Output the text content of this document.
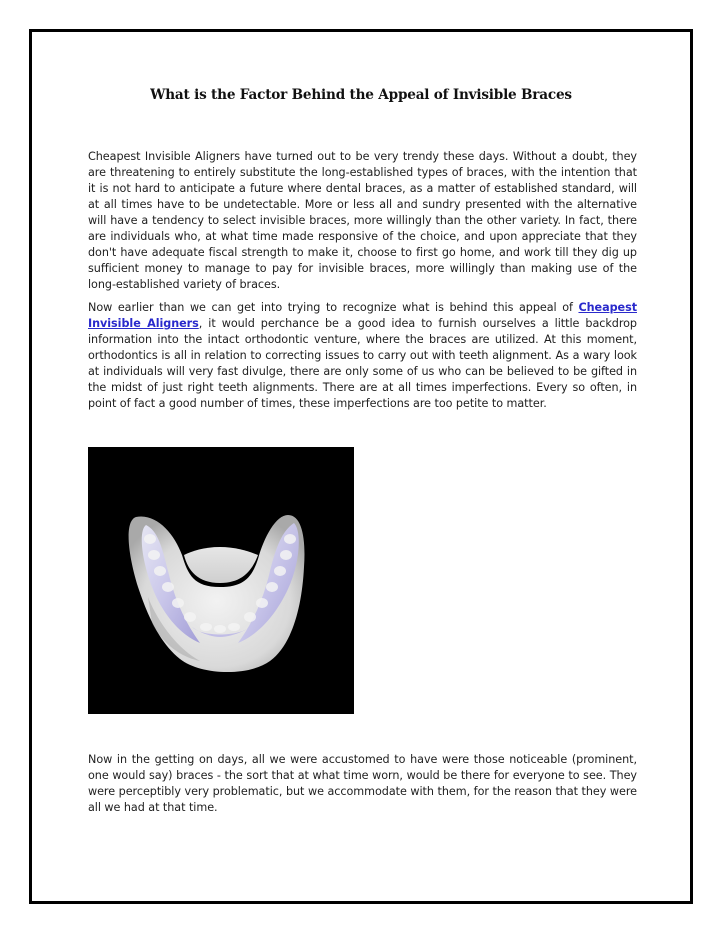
What is the Factor Behind the Appeal of Invisible Braces

Cheapest Invisible Aligners have turned out to be very trendy these days. Without a doubt, they are threatening to entirely substitute the long-established types of braces, with the intention that it is not hard to anticipate a future where dental braces, as a matter of established standard, will at all times have to be undetectable. More or less all and sundry presented with the alternative will have a tendency to select invisible braces, more willingly than the other variety. In fact, there are individuals who, at what time made responsive of the choice, and upon appreciate that they don't have adequate fiscal strength to make it, choose to first go home, and work till they dig up sufficient money to manage to pay for invisible braces, more willingly than making use of the long-established variety of braces.

Now earlier than we can get into trying to recognize what is behind this appeal of Cheapest Invisible Aligners, it would perchance be a good idea to furnish ourselves a little backdrop information into the intact orthodontic venture, where the braces are utilized. At this moment, orthodontics is all in relation to correcting issues to carry out with teeth alignment. As a wary look at individuals will very fast divulge, there are only some of us who can be believed to be gifted in the midst of just right teeth alignments. There are at all times imperfections. Every so often, in point of fact a good number of times, these imperfections are too petite to matter.

Now in the getting on days, all we were accustomed to have were those noticeable (prominent, one would say) braces - the sort that at what time worn, would be there for everyone to see. They were perceptibly very problematic, but we accommodate with them, for the reason that they were all we had at that time.
